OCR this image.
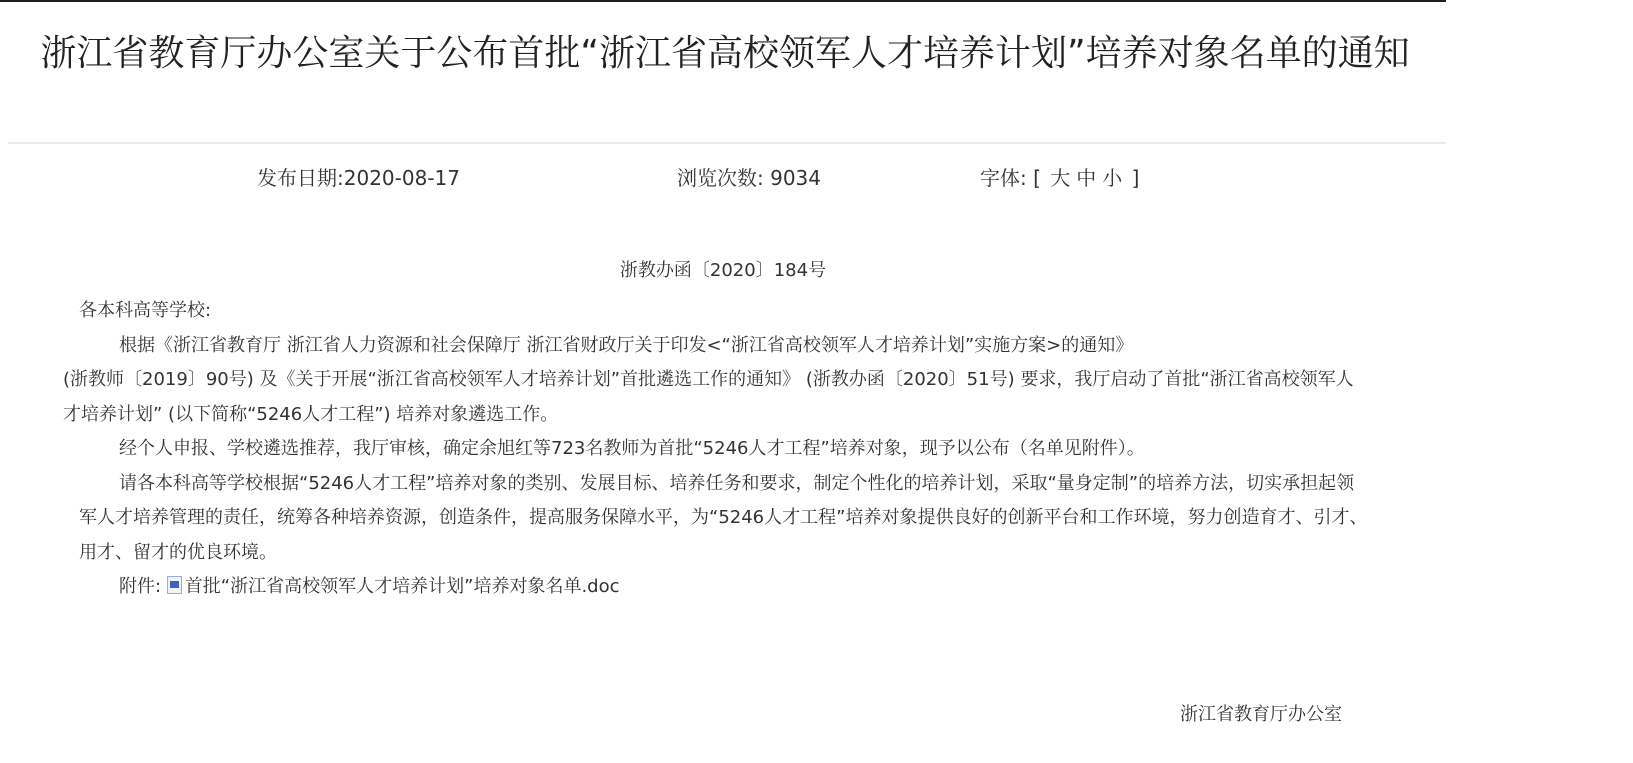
浙江省教育厅办公室关于公布首批“浙江省高校领军人才培养计划”培养对象名单的通知
发布日期:2020-08-17	浏览次数: 9034	字体: [ 大 中 小 ]
浙教办函〔2020〕184号

各本科高等学校:

根据《浙江省教育厅 浙江省人力资源和社会保障厅 浙江省财政厅关于印发<“浙江省高校领军人才培养计划”实施方案>的通知》

(浙教师〔2019〕90号) 及《关于开展“浙江省高校领军人才培养计划”首批遴选工作的通知》 (浙教办函〔2020〕51号) 要求，我厅启动了首批“浙江省高校领军人才培养计划” (以下简称“5246人才工程”) 培养对象遴选工作。

经个人申报、学校遴选推荐，我厅审核，确定余旭红等723名教师为首批“5246人才工程”培养对象，现予以公布（名单见附件）。

请各本科高等学校根据“5246人才工程”培养对象的类别、发展目标、培养任务和要求，制定个性化的培养计划，采取“量身定制”的培养方法，切实承担起领军人才培养管理的责任，统筹各种培养资源，创造条件，提高服务保障水平，为“5246人才工程”培养对象提供良好的创新平台和工作环境，努力创造育才、引才、用才、留才的优良环境。

附件: 首批“浙江省高校领军人才培养计划”培养对象名单.doc

浙江省教育厅办公室
